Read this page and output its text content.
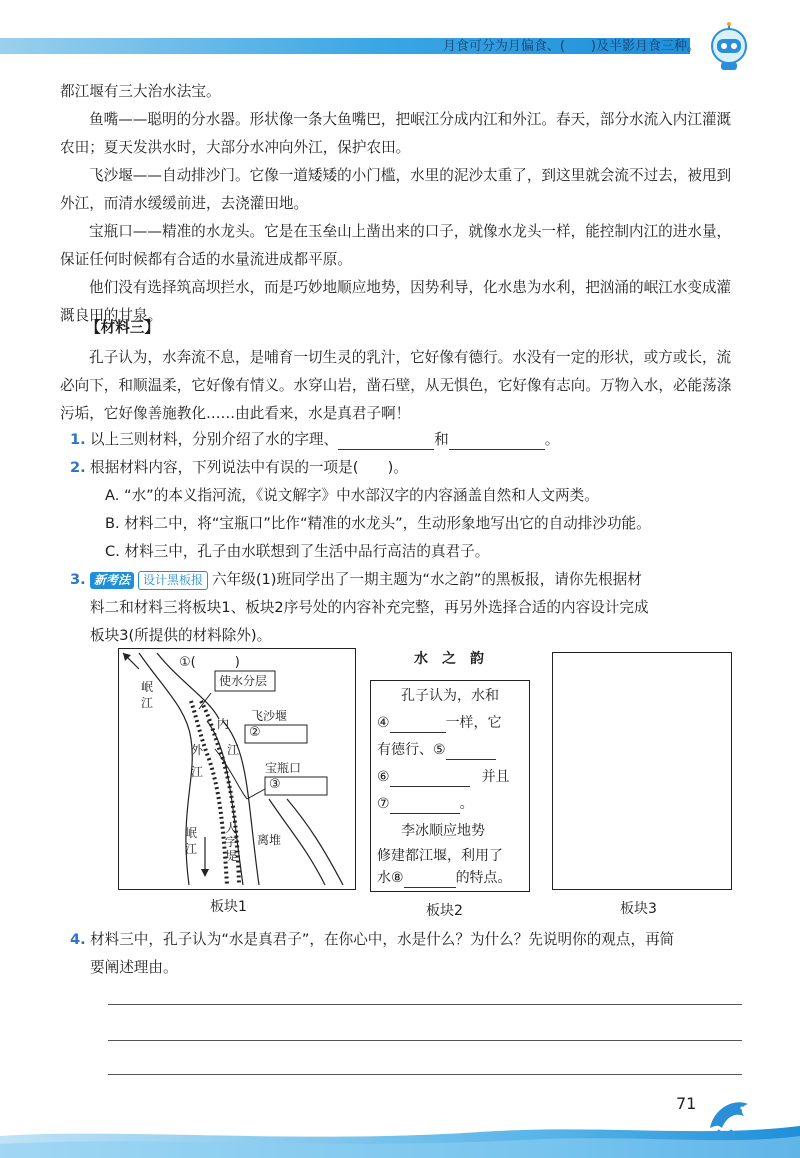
月食可分为月偏食、(　　)及半影月食三种。
都江堰有三大治水法宝。
鱼嘴——聪明的分水器。形状像一条大鱼嘴巴，把岷江分成内江和外江。春天，部分水流入内江灌溉农田；夏天发洪水时，大部分水冲向外江，保护农田。
飞沙堰——自动排沙门。它像一道矮矮的小门槛，水里的泥沙太重了，到这里就会流不过去，被甩到外江，而清水缓缓前进，去浇灌田地。
宝瓶口——精准的水龙头。它是在玉垒山上凿出来的口子，就像水龙头一样，能控制内江的进水量，保证任何时候都有合适的水量流进成都平原。
他们没有选择筑高坝拦水，而是巧妙地顺应地势，因势利导，化水患为水利，把汹涌的岷江水变成灌溉良田的甘泉。
【材料三】
孔子认为，水奔流不息，是哺育一切生灵的乳汁，它好像有德行。水没有一定的形状，或方或长，流必向下，和顺温柔，它好像有情义。水穿山岩，凿石壁，从无惧色，它好像有志向。万物入水，必能荡涤污垢，它好像善施教化……由此看来，水是真君子啊！
1. 以上三则材料，分别介绍了水的字理、	和	。
2. 根据材料内容，下列说法中有误的一项是(　　)。
A. “水”的本义指河流，《说文解字》中水部汉字的内容涵盖自然和人文两类。
B. 材料二中，将“宝瓶口”比作“精准的水龙头”，生动形象地写出它的自动排沙功能。
C. 材料三中，孔子由水联想到了生活中品行高洁的真君子。
3. 新考法 设计黑板报 六年级(1)班同学出了一期主题为“水之韵”的黑板报，请你先根据材
料二和材料三将板块1、板块2序号处的内容补充完整，再另外选择合适的内容设计完成
板块3(所提供的材料除外)。
①(　　　)
使水分层
岷
江
内
江
外
江
飞沙堰
②
宝瓶口
③
岷
江
人
字
堤
离堆
板块1
水　之　韵
孔子认为，水和
④	一样，它
有德行、⑤
⑥	并且
⑦	。
李冰顺应地势
修建都江堰，利用了
水⑧	的特点。
板块2	板块3
4. 材料三中，孔子认为“水是真君子”，在你心中，水是什么？为什么？先说明你的观点，再简
要阐述理由。
71
